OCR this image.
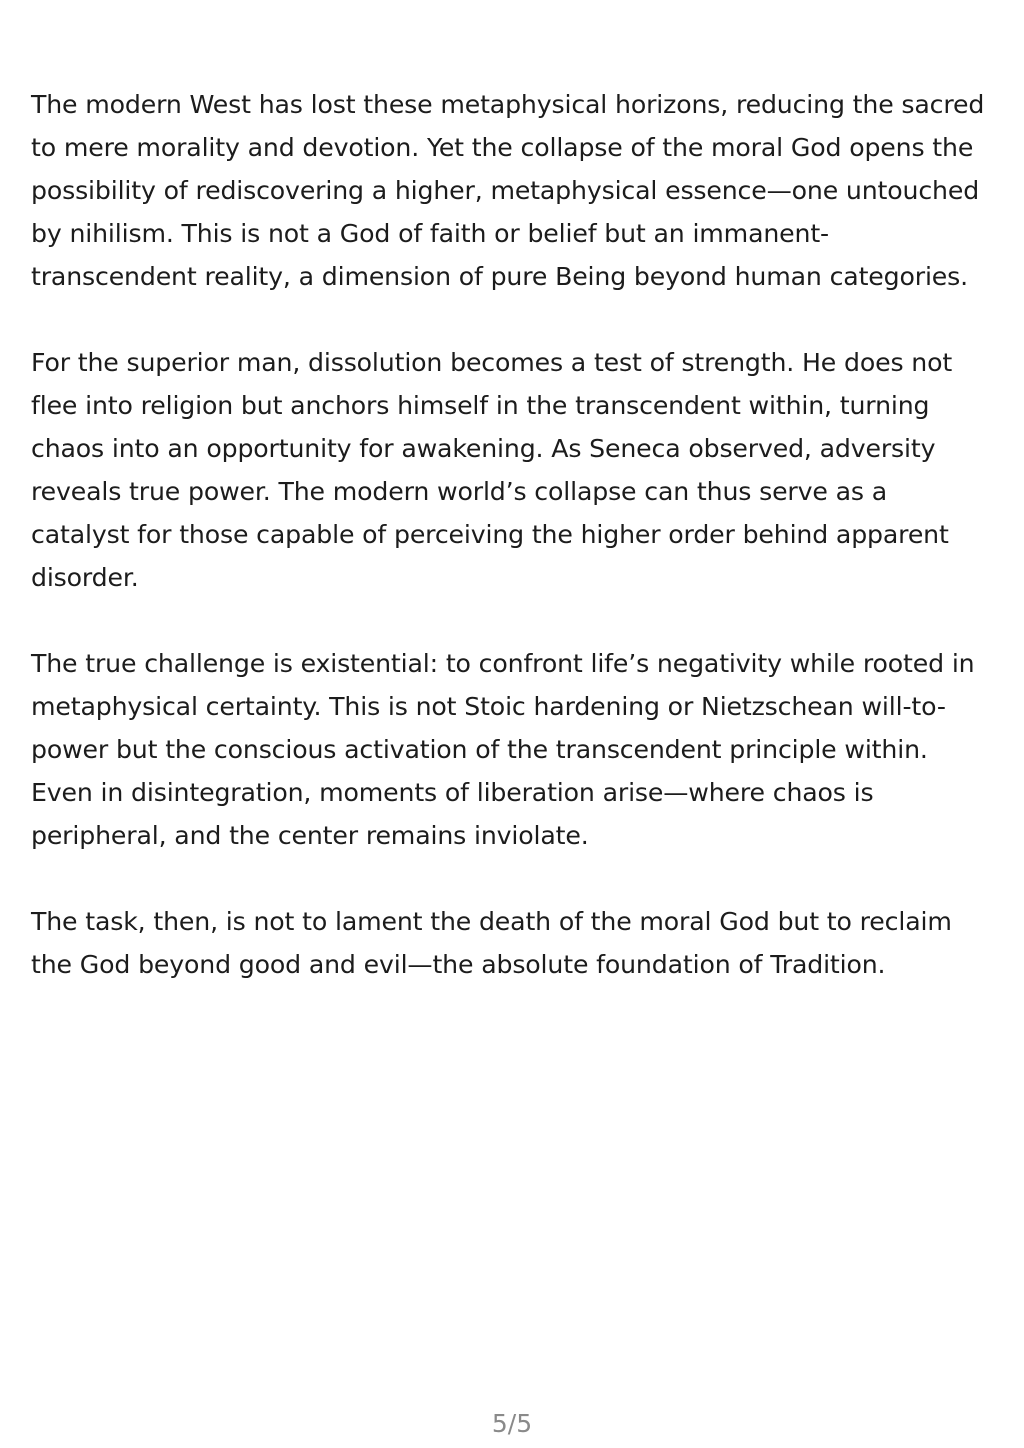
The modern West has lost these metaphysical horizons, reducing the sacred to mere morality and devotion. Yet the collapse of the moral God opens the possibility of rediscovering a higher, metaphysical essence—one untouched by nihilism. This is not a God of faith or belief but an immanent-transcendent reality, a dimension of pure Being beyond human categories.

For the superior man, dissolution becomes a test of strength. He does not flee into religion but anchors himself in the transcendent within, turning chaos into an opportunity for awakening. As Seneca observed, adversity reveals true power. The modern world’s collapse can thus serve as a catalyst for those capable of perceiving the higher order behind apparent disorder.

The true challenge is existential: to confront life’s negativity while rooted in metaphysical certainty. This is not Stoic hardening or Nietzschean will-to-power but the conscious activation of the transcendent principle within. Even in disintegration, moments of liberation arise—where chaos is peripheral, and the center remains inviolate.

The task, then, is not to lament the death of the moral God but to reclaim the God beyond good and evil—the absolute foundation of Tradition.

5/5
